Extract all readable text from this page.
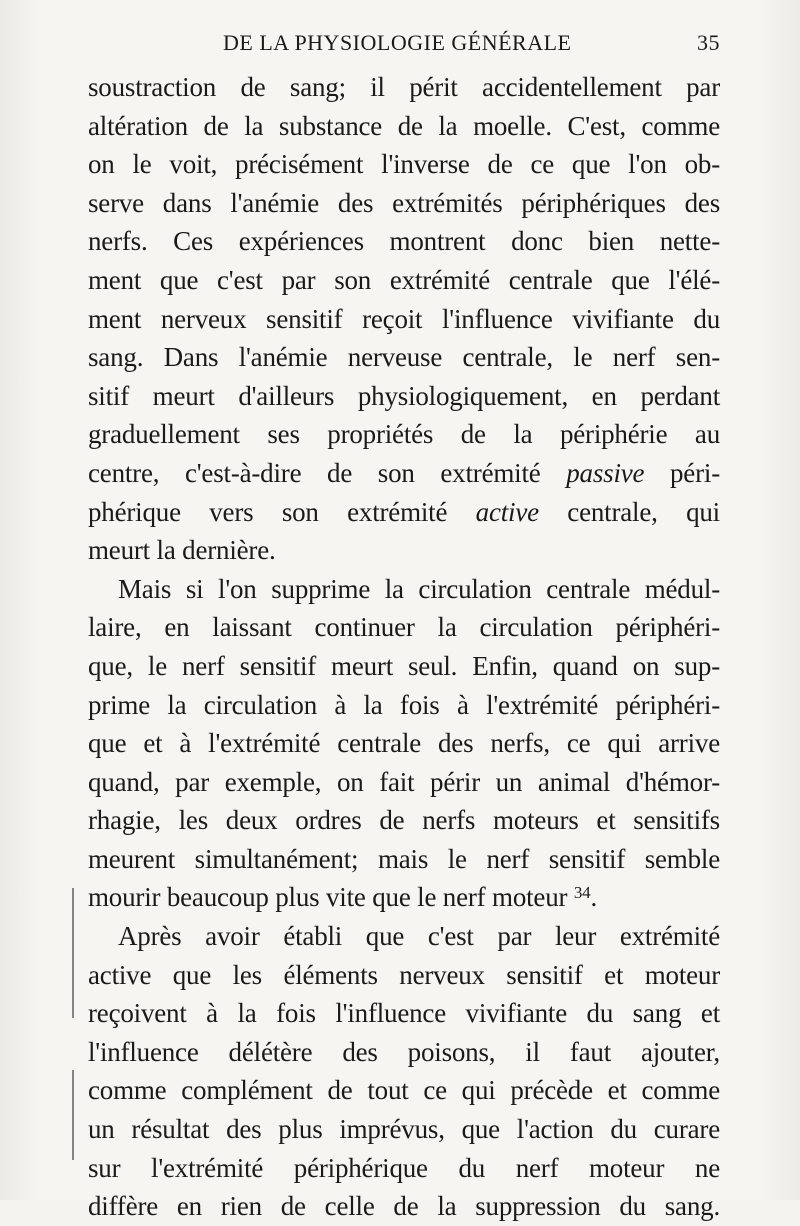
DE LA PHYSIOLOGIE GÉNÉRALE	35
soustraction de sang; il périt accidentellement par
altération de la substance de la moelle. C'est, comme
on le voit, précisément l'inverse de ce que l'on ob-
serve dans l'anémie des extrémités périphériques des
nerfs. Ces expériences montrent donc bien nette-
ment que c'est par son extrémité centrale que l'élé-
ment nerveux sensitif reçoit l'influence vivifiante du
sang. Dans l'anémie nerveuse centrale, le nerf sen-
sitif meurt d'ailleurs physiologiquement, en perdant
graduellement ses propriétés de la périphérie au
centre, c'est-à-dire de son extrémité passive péri-
phérique vers son extrémité active centrale, qui
meurt la dernière.
Mais si l'on supprime la circulation centrale médul-
laire, en laissant continuer la circulation périphéri-
que, le nerf sensitif meurt seul. Enfin, quand on sup-
prime la circulation à la fois à l'extrémité périphéri-
que et à l'extrémité centrale des nerfs, ce qui arrive
quand, par exemple, on fait périr un animal d'hémor-
rhagie, les deux ordres de nerfs moteurs et sensitifs
meurent simultanément; mais le nerf sensitif semble
mourir beaucoup plus vite que le nerf moteur $^{34}$.
Après avoir établi que c'est par leur extrémité
active que les éléments nerveux sensitif et moteur
reçoivent à la fois l'influence vivifiante du sang et
l'influence délétère des poisons, il faut ajouter,
comme complément de tout ce qui précède et comme
un résultat des plus imprévus, que l'action du curare
sur l'extrémité périphérique du nerf moteur ne
diffère en rien de celle de la suppression du sang.
